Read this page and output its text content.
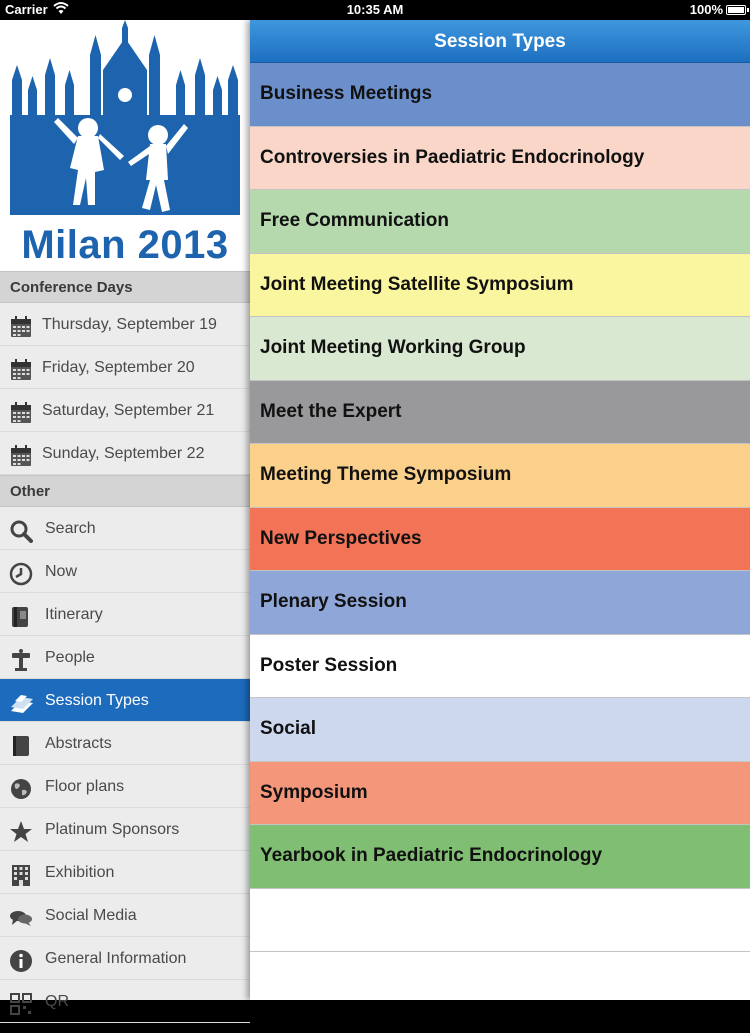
Carrier	10:35 AM	100%
Milan 2013
Conference Days
Thursday, September 19
Friday, September 20
Saturday, September 21
Sunday, September 22
Other
Search
Now
Itinerary
People
Session Types
Abstracts
Floor plans
Platinum Sponsors
Exhibition
Social Media
General Information
QR
Session Types
Business Meetings
Controversies in Paediatric Endocrinology
Free Communication
Joint Meeting Satellite Symposium
Joint Meeting Working Group
Meet the Expert
Meeting Theme Symposium
New Perspectives
Plenary Session
Poster Session
Social
Symposium
Yearbook in Paediatric Endocrinology
